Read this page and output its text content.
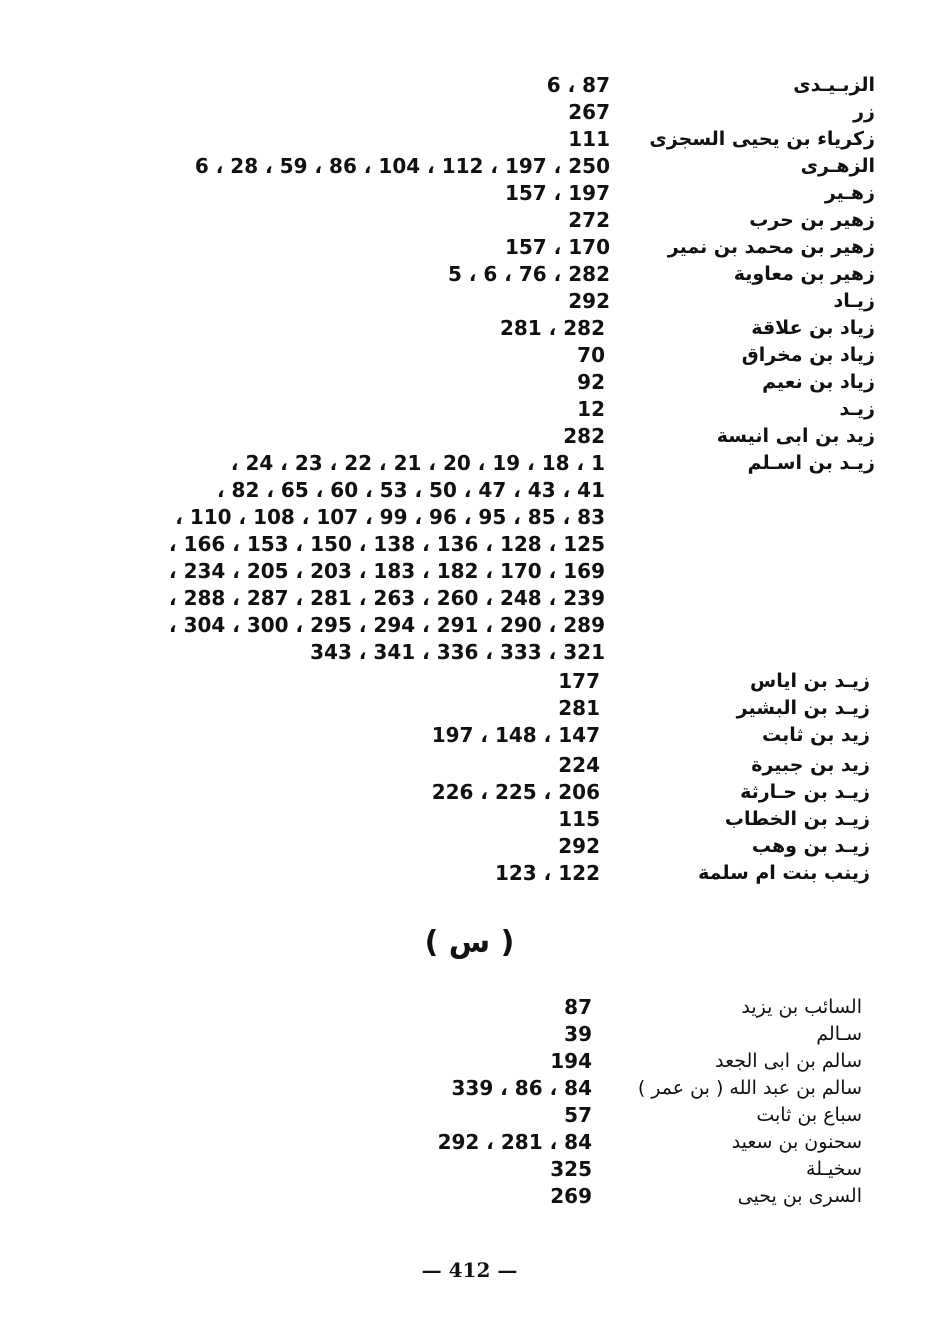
الزبـيـدى
87 ، 6
زر
267
زكرياء بن يحيى السجزى
111
الزهـرى
250 ، 197 ، 112 ، 104 ، 86 ، 59 ، 28 ، 6
زهـير
197 ، 157
زهير بن حرب
272
زهير بن محمد بن نمير
170 ، 157
زهير بن معاوية
282 ، 76 ، 6 ، 5
زيـاد
292
زياد بن علاقة
282 ، 281
زياد بن مخراق
70
زياد بن نعيم
92
زيـد
12
زيد بن ابى انيسة
282
زيـد بن اسـلم
1 ، 18 ، 19 ، 20 ، 21 ، 22 ، 23 ، 24 ،
41 ، 43 ، 47 ، 50 ، 53 ، 60 ، 65 ، 82 ،
83 ، 85 ، 95 ، 96 ، 99 ، 107 ، 108 ، 110 ،
125 ، 128 ، 136 ، 138 ، 150 ، 153 ، 166 ،
169 ، 170 ، 182 ، 183 ، 203 ، 205 ، 234 ،
239 ، 248 ، 260 ، 263 ، 281 ، 287 ، 288 ،
289 ، 290 ، 291 ، 294 ، 295 ، 300 ، 304 ،
321 ، 333 ، 336 ، 341 ، 343
زيـد بن اياس
177
زيـد بن البشير
281
زيد بن ثابت
147 ، 148 ، 197
زيد بن جبيرة
224
زيـد بن حـارثة
206 ، 225 ، 226
زيـد بن الخطاب
115
زيـد بن وهب
292
زينب بنت ام سلمة
122 ، 123
( س )
السائب بن يزيد
87
سـالم
39
سالم بن ابى الجعد
194
سالم بن عبد الله ( بن عمر )
84 ، 86 ، 339
سباع بن ثابت
57
سحنون بن سعيد
84 ، 281 ، 292
سخيـلة
325
السرى بن يحيى
269
— 412 —
